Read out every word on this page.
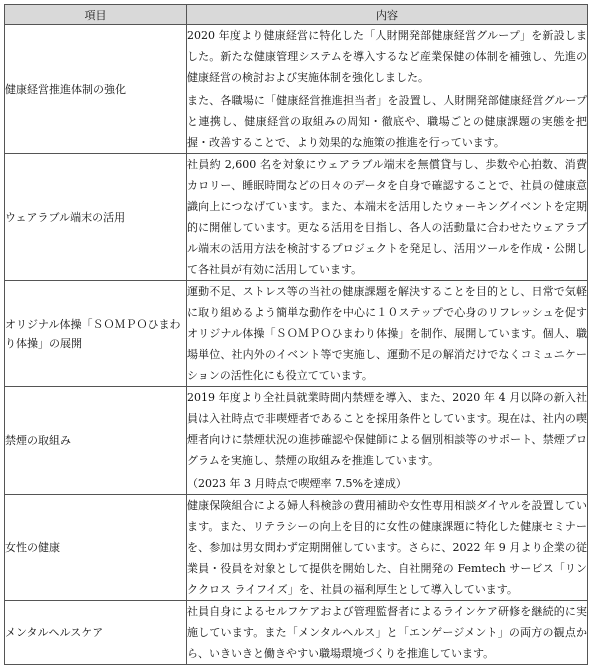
項目	内容
健康経営推進体制の強化	2020 年度より健康経営に特化した「人財開発部健康経営グループ」を新設しました。新たな健康管理システムを導入するなど産業保健の体制を補強し、先進の健康経営の検討および実施体制を強化しました。

また、各職場に「健康経営推進担当者」を設置し、人財開発部健康経営グループと連携し、健康経営の取組みの周知・徹底や、職場ごとの健康課題の実態を把握・改善することで、より効果的な施策の推進を行っています。

ウェアラブル端末の活用	社員約 2,600 名を対象にウェアラブル端末を無償貸与し、歩数や心拍数、消費カロリー、睡眠時間などの日々のデータを自身で確認することで、社員の健康意識向上につなげています。また、本端末を活用したウォーキングイベントを定期的に開催しています。更なる活用を目指し、各人の活動量に合わせたウェアラブル端末の活用方法を検討するプロジェクトを発足し、活用ツールを作成・公開して各社員が有効に活用しています。

オリジナル体操「ＳＯＭＰＯひまわり体操」の展開	運動不足、ストレス等の当社の健康課題を解決することを目的とし、日常で気軽に取り組めるよう簡単な動作を中心に１０ステップで心身のリフレッシュを促すオリジナル体操「ＳＯＭＰＯひまわり体操」を制作、展開しています。個人、職場単位、社内外のイベント等で実施し、運動不足の解消だけでなくコミュニケーションの活性化にも役立てています。

禁煙の取組み	2019 年度より全社員就業時間内禁煙を導入、また、2020 年 4 月以降の新入社員は入社時点で非喫煙者であることを採用条件としています。現在は、社内の喫煙者向けに禁煙状況の進捗確認や保健師による個別相談等のサポート、禁煙プログラムを実施し、禁煙の取組みを推進しています。

（2023 年 3 月時点で喫煙率 7.5%を達成）

女性の健康	健康保険組合による婦人科検診の費用補助や女性専用相談ダイヤルを設置しています。また、リテラシーの向上を目的に女性の健康課題に特化した健康セミナーを、参加は男女問わず定期開催しています。さらに、2022 年 9 月より企業の従業員・役員を対象として提供を開始した、自社開発の Femtech サービス「リンククロス ライフイズ」を、社員の福利厚生として導入しています。

メンタルヘルスケア	社員自身によるセルフケアおよび管理監督者によるラインケア研修を継続的に実施しています。また「メンタルヘルス」と「エンゲージメント」の両方の観点から、いきいきと働きやすい職場環境づくりを推進しています。
